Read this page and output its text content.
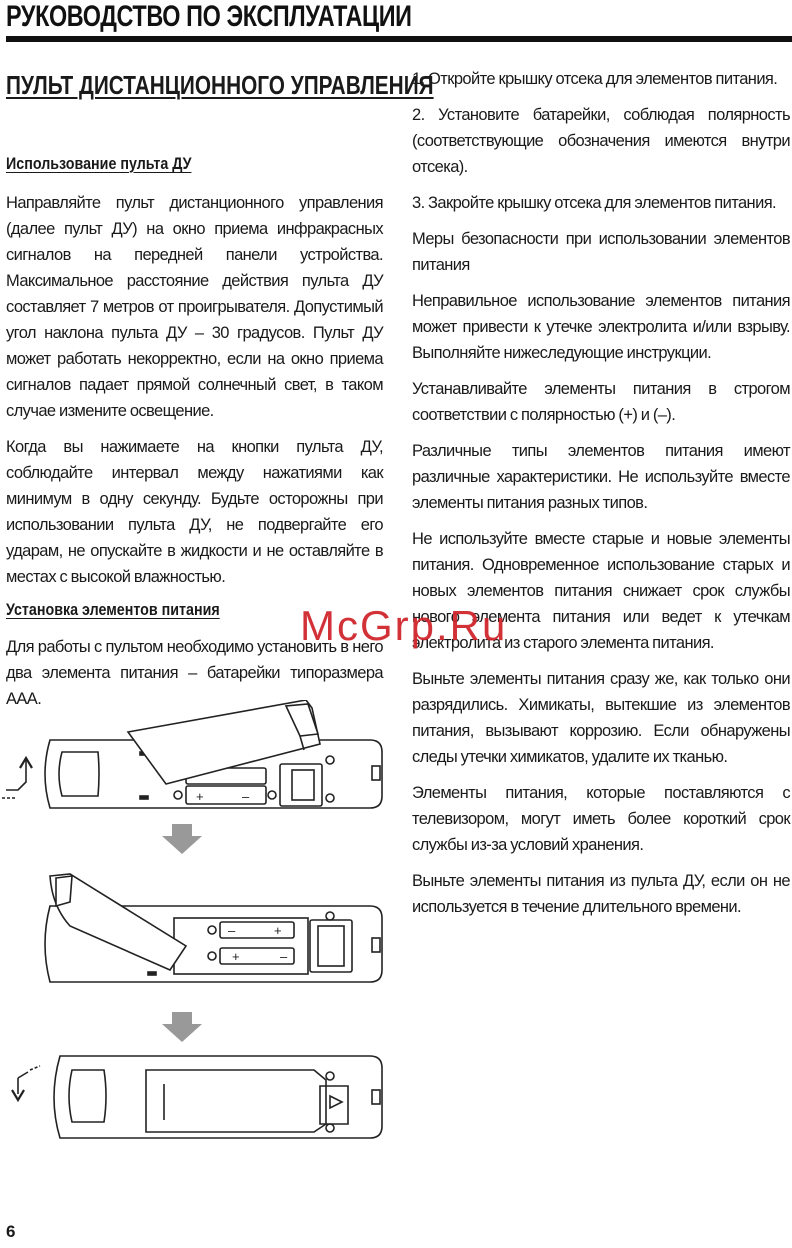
РУКОВОДСТВО ПО ЭКСПЛУАТАЦИИ
ПУЛЬТ ДИСТАНЦИОННОГО УПРАВЛЕНИЯ
Использование пульта ДУ

Направляйте пульт дистанционного управления (далее пульт ДУ) на окно приема инфракрасных сигналов на передней панели устройства. Максимальное расстояние действия пульта ДУ составляет 7 метров от проигрывателя. Допустимый угол наклона пульта ДУ – 30 градусов. Пульт ДУ может работать некорректно, если на окно приема сигналов падает прямой солнечный свет, в таком случае измените освещение.

Когда вы нажимаете на кнопки пульта ДУ, соблюдайте интервал между нажатиями как минимум в одну секунду. Будьте осторожны при использовании пульта ДУ, не подвергайте его ударам, не опускайте в жидкости и не оставляйте в местах с высокой влажностью.

Установка элементов питания

Для работы с пультом необходимо установить в него два элемента питания – батарейки типоразмера ААА.

1. Откройте крышку отсека для элементов питания.

2. Установите батарейки, соблюдая полярность (соответствующие обозначения имеются внутри отсека).

3. Закройте крышку отсека для элементов питания.

Меры безопасности при использовании элементов питания

Неправильное использование элементов питания может привести к утечке электролита и/или взрыву. Выполняйте нижеследующие инструкции.

Устанавливайте элементы питания в строгом соответствии с полярностью (+) и (–).

Различные типы элементов питания имеют различные характеристики. Не используйте вместе элементы питания разных типов.

Не используйте вместе старые и новые элементы питания. Одновременное использование старых и новых элементов питания снижает срок службы нового элемента питания или ведет к утечкам электролита из старого элемента питания.

Выньте элементы питания сразу же, как только они разрядились. Химикаты, вытекшие из элементов питания, вызывают коррозию. Если обнаружены следы утечки химикатов, удалите их тканью.

Элементы питания, которые поставляются с телевизором, могут иметь более короткий срок службы из-за условий хранения.

Выньте элементы питания из пульта ДУ, если он не используется в течение длительного времени.

+	–
–	+
+	–
McGrp.Ru
6
